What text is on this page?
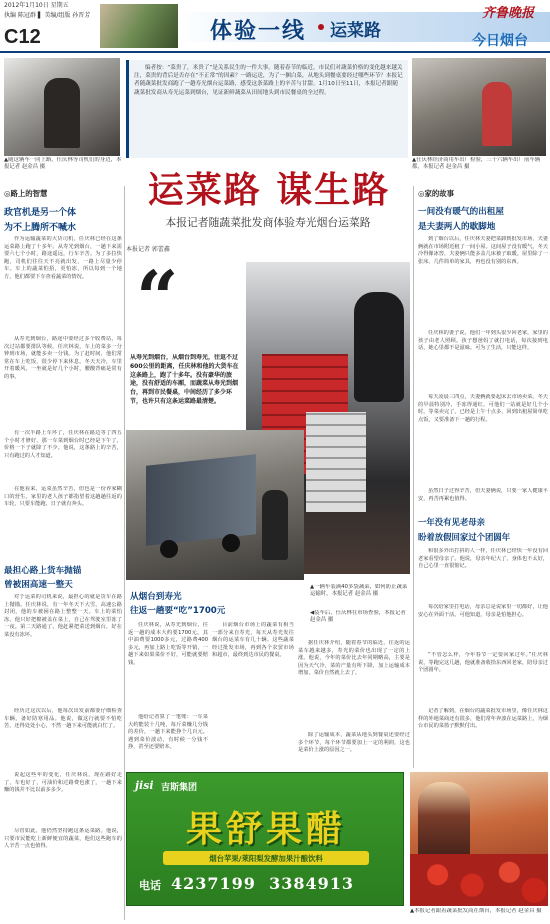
2012年1月10日 星期五
执编 陈冠群 ▌ 美编/组版 孙晋芳
C12	体验一线 运菜路
齐鲁晚报
今日烟台
▲随这辆车一同上路，任庆林等司机们的身边，本报记者 赵金昌 摄
编者按：“菜贵了，米贵了”是关系民生的一件大事。随着春节的临近，市民们对蔬菜价格的变化越来越关注，菜贵的背后是否存在“不正常”的因素？一路运送，为了一捆白菜，从地头到餐桌要经过哪些环节？本报记者随蔬菜批发商跑了一趟寿光烟台运菜路，感受这条菜路上的辛苦与甘甜。1月10日至11日，本报记者跟随蔬菜批发商从寿光运菜到烟台，见证新鲜蔬菜从田间地头到市民餐桌的全过程。
▲任庆林经济商用车出厂检验，三十六辆车出厂前车辆都，本报记者 赵金昌 摄
运菜路 谋生路
本报记者随蔬菜批发商体验寿光烟台运菜路
本报记者 郭蕾鑫
◎路上的智慧
政官机是另一个体
为不上腾所不喊水

作为运输蔬菜的大货司机，任庆林已经在这条运菜路上跑了十多年。从寿光到烟台，一趟下来需要六七个小时，路途遥远，行车辛苦。为了多拉快跑，司机们往往天不亮就出发，一路上尽量少停车。车上的蔬菜怕捂，更怕冻，所以每到一个地方，他们都要下车查看蔬菜的情况。

从寿光到烟台，路途中要经过多个收费站，每次过站都要排队等候。任庆林说，车上的菜多一分钟到市场，就能多卖一分钱。为了赶时间，他们常常在车上吃饭，很少停下来休息。冬天天冷，车里开着暖风，一坐就是好几个小时，腰酸背痛是常有的事。

有一次半路上车坏了，任庆林在路边等了四五个小时才修好，那一车菜到烟台时已经是下午了，价格一下子就降了不少。他说，这条路上的辛苦，只有跑过的人才知道。

在他看来，运菜虽然辛苦，但也是一份养家糊口的营生。家里的老人孩子都指望着这趟趟往返的车轮，只要车能跑，日子就有奔头。

最担心路上货车抛锚
曾被困高速一整天

对于运菜的司机来说，最担心的就是货车在路上抛锚。任庆林说，有一年冬天下大雪，高速公路封闭，他的车被困在路上整整一天。车上的菜怕冻，他只好把棉被盖在菜上，自己在驾驶室里冻了一夜。第二天路通了，他赶紧把菜送到烟台，好在菜没有冻坏。

经历过这次以后，他每次出发前都要仔细检查车辆，备好防寒用品。他说，做这行就要不怕吃苦，还得处处小心，不然一趟下来可能就白忙了。

说起这些年的变化，任庆林说，现在路好走了，车也好了，可油价和过路费也涨了，一趟下来赚的钱并不比以前多多少。

尽管如此，他仍然坚持跑这条运菜路。他说，只要市民能吃上新鲜便宜的蔬菜，他们这些跑车的人辛苦一点也值得。

“
从寿光到烟台，从烟台到寿光，往返不过600公里的距离，任庆林和他的大货车在这条路上，跑了十多年。没有豪华的旅途，没有舒适的车厢，而蔬菜从寿光到烟台，再到市民餐桌，中间经历了多少环节，也许只有这条运菜路最清楚。
▲一辆车装满40多袋蔬菜，如何防止蔬菜运输时，本报记者 赵金昌 摄
◀装车后，任庆林在市场查验，本报记者 赵金昌 摄
从烟台到寿光
往返一趟要“吃”1700元

任庆林说，从寿光到烟台，往返一趟的成本大约要1700元。其中油费要1000多元，过路费400多元，再加上路上吃饭等开销，一趟下来如果菜价不好，可能就要赔钱。

他给记者算了一笔账：一车菜大约能装十几吨，每斤菜赚几分钱的差价，一趟下来能挣个几百元。遇到菜价波动，有时候一分钱不挣，甚至还要赔本。

目前烟台市场上的蔬菜有相当一部分来自寿光，每天从寿光发往烟台的运菜车有几十辆。这些蔬菜经过批发市场，再到各个农贸市场和超市，最终到达市民的餐桌。

据任庆林介绍，随着春节的临近，往返的运菜车越来越多，寿光的菜价也出现了一定的上涨。他说，今年的菜价比去年同期略高，主要是因为天气冷，菜的产量有所下降，加上运输成本增加，菜价自然就上去了。

除了运输成本，蔬菜从地头到餐桌还要经过多个环节，每个环节都要加上一定的利润，这也是菜价上涨的原因之一。

◎家的故事
一间没有暖气的出租屋
是夫妻两人的歇脚地

到了烟台以后，任庆林夫妻把菜卸到批发市场，夫妻俩就在市场附近租了一间小屋。这间屋子没有暖气，冬天冷得像冰窖，夫妻俩只能多盖几床被子取暖。屋里除了一张床、几件简单的家具，再也没有别的东西。

任庆林的妻子说，他们一年到头很少回老家，家里的孩子由老人照顾。孩子想爸妈了就打电话，每次接到电话，她心里都不是滋味。可为了生活，只能这样。

每天凌晨三四点，夫妻俩就要起床去市场卖菜。冬天的早晨特别冷，手冻得通红，可他们一站就是好几个小时。等菜卖完了，已经是上午十点多，回到出租屋简单吃点饭，又要准备下一趟的行程。

虽然日子过得辛苦，但夫妻俩说，只要一家人健康平安，再苦再累也值得。

一年没有见老母亲
盼着放假回家过个团圆年

和很多外出打拼的人一样，任庆林已经快一年没有回老家看望母亲了。他说，母亲年纪大了，身体也不太好，自己心里一直很惦记。

每次给家里打电话，母亲总是说家里一切都好，让他安心在外面干活。可他知道，母亲是怕他担心。

“不管怎么样，今年春节一定要回家过年。”任庆林说，等跑完这几趟，他就准备收拾东西回老家，陪母亲过个团圆年。

记者了解到，在烟台的蔬菜批发市场里，像任庆林这样的外地菜商还有很多，他们常年奔波在运菜路上，为烟台市民的菜篮子默默付出。

jisi 吉斯集团
果舒果醋
烟台苹果/莱阳梨发酵加果汁酿饮料
电话 4237199  3384913
▲本报记者跟着蔬菜批发商在烟台，本报记者 赵金昌 摄
